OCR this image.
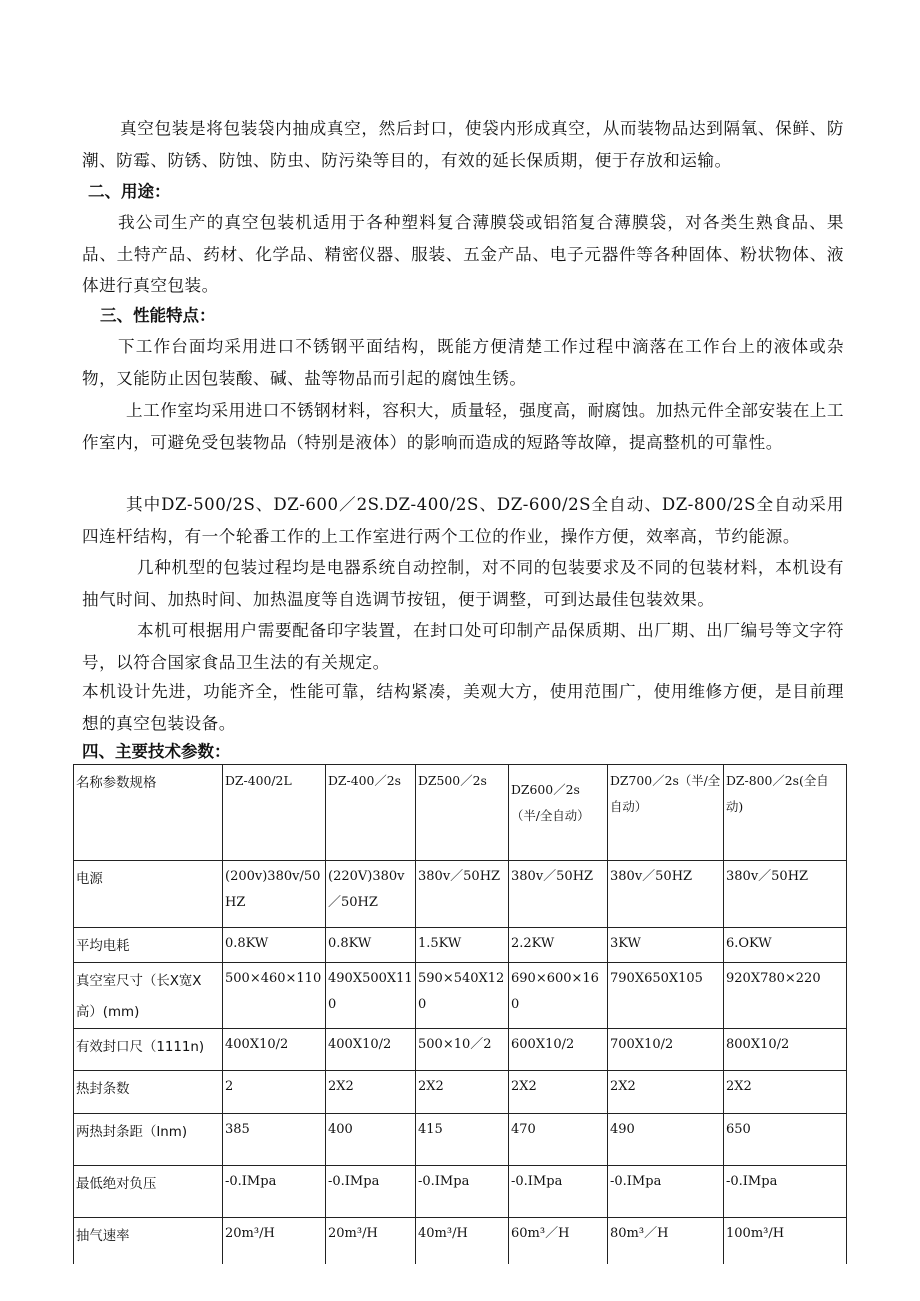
真空包装是将包装袋内抽成真空，然后封口，使袋内形成真空，从而装物品达到隔氧、保鲜、防潮、防霉、防锈、防蚀、防虫、防污染等目的，有效的延长保质期，便于存放和运输。

二、用途：

我公司生产的真空包装机适用于各种塑料复合薄膜袋或铝箔复合薄膜袋，对各类生熟食品、果品、土特产品、药材、化学品、精密仪器、服装、五金产品、电子元器件等各种固体、粉状物体、液体进行真空包装。

三、性能特点：

下工作台面均采用进口不锈钢平面结构，既能方便清楚工作过程中滴落在工作台上的液体或杂物，又能防止因包装酸、碱、盐等物品而引起的腐蚀生锈。

上工作室均采用进口不锈钢材料，容积大，质量轻，强度高，耐腐蚀。加热元件全部安装在上工作室内，可避免受包装物品（特别是液体）的影响而造成的短路等故障，提高整机的可靠性。

其中DZ-500/2S、DZ-600／2S.DZ-400/2S、DZ-600/2S全自动、DZ-800/2S全自动采用四连杆结构，有一个轮番工作的上工作室进行两个工位的作业，操作方便，效率高，节约能源。

几种机型的包装过程均是电器系统自动控制，对不同的包装要求及不同的包装材料，本机设有抽气时间、加热时间、加热温度等自选调节按钮，便于调整，可到达最佳包装效果。

本机可根据用户需要配备印字装置，在封口处可印制产品保质期、出厂期、出厂编号等文字符号，以符合国家食品卫生法的有关规定。

本机设计先进，功能齐全，性能可靠，结构紧凑，美观大方，使用范围广，使用维修方便，是目前理想的真空包装设备。

四、主要技术参数：
名称参数规格	DZ-400/2L	DZ-400／2s	DZ500／2s	DZ600／2s（半/全自动）	DZ700／2s（半/全自动）	DZ-800／2s(全自动)
电源	(200v)380v/50HZ	(220V)380v／50HZ	380v／50HZ	380v／50HZ	380v／50HZ	380v／50HZ
平均电耗	0.8KW	0.8KW	1.5KW	2.2KW	3KW	6.OKW
真空室尺寸（长X宽X高）(mm)	500×460×110	490X500X110	590×540X120	690×600×160	790X650X105	920X780×220
有效封口尺（1111n)	400X10/2	400X10/2	500×10／2	600X10/2	700X10/2	800X10/2
热封条数	2	2X2	2X2	2X2	2X2	2X2
两热封条距（Inm)	385	400	415	470	490	650
最低绝对负压	-0.IMpa	-0.IMpa	-0.IMpa	-0.IMpa	-0.IMpa	-0.IMpa
抽气速率	20m³/H	20m³/H	40m³/H	60m³／H	80m³／H	100m³/H
